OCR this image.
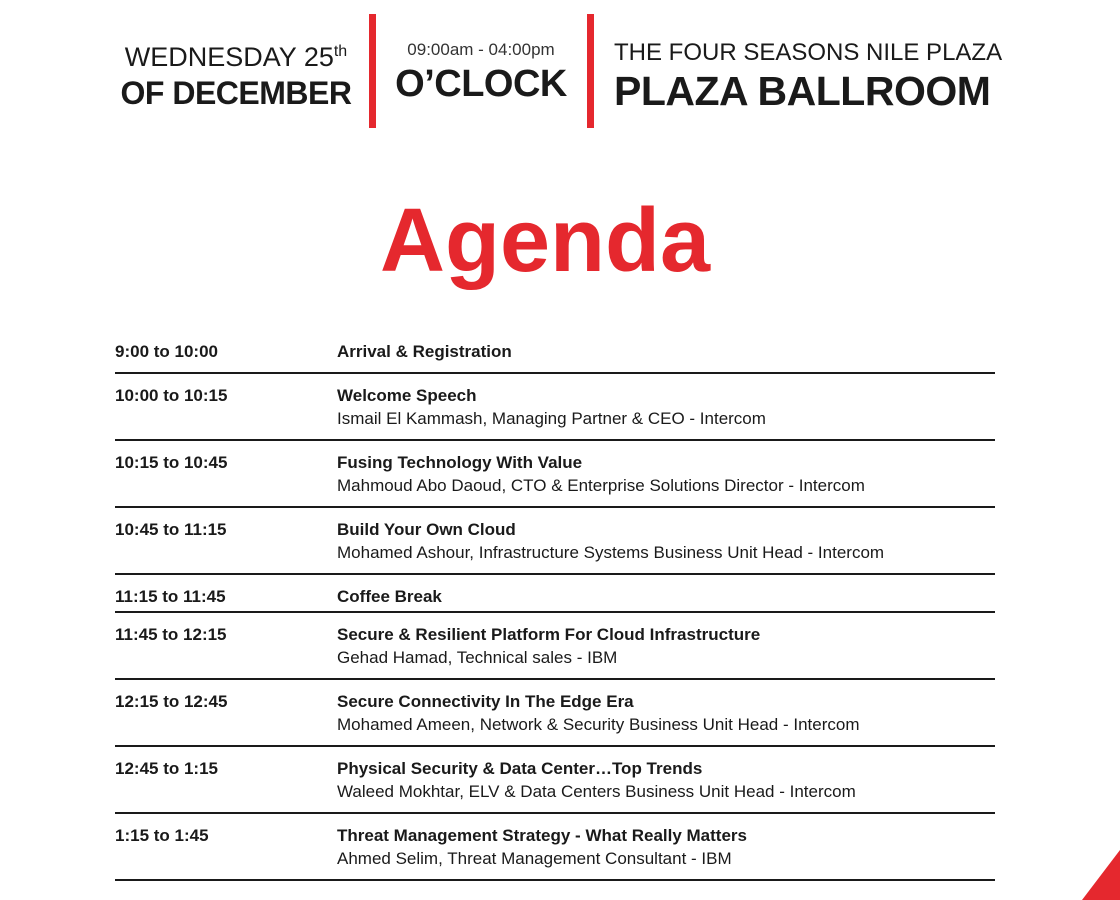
WEDNESDAY 25th
OF DECEMBER
09:00am - 04:00pm
O’CLOCK
THE FOUR SEASONS NILE PLAZA
PLAZA BALLROOM
Agenda
9:00 to 10:00	Arrival & Registration
10:00 to 10:15	Welcome Speech
Ismail El Kammash, Managing Partner & CEO - Intercom
10:15 to 10:45	Fusing Technology With Value
Mahmoud Abo Daoud, CTO & Enterprise Solutions Director - Intercom
10:45 to 11:15	Build Your Own Cloud
Mohamed Ashour, Infrastructure Systems Business Unit Head - Intercom
11:15 to 11:45	Coffee Break
11:45 to 12:15	Secure & Resilient Platform For Cloud Infrastructure
Gehad Hamad, Technical sales - IBM
12:15 to 12:45	Secure Connectivity In The Edge Era
Mohamed Ameen, Network & Security Business Unit Head - Intercom
12:45 to 1:15	Physical Security & Data Center…Top Trends
Waleed Mokhtar, ELV & Data Centers Business Unit Head - Intercom
1:15 to 1:45	Threat Management Strategy - What Really Matters
Ahmed Selim, Threat Management Consultant - IBM
